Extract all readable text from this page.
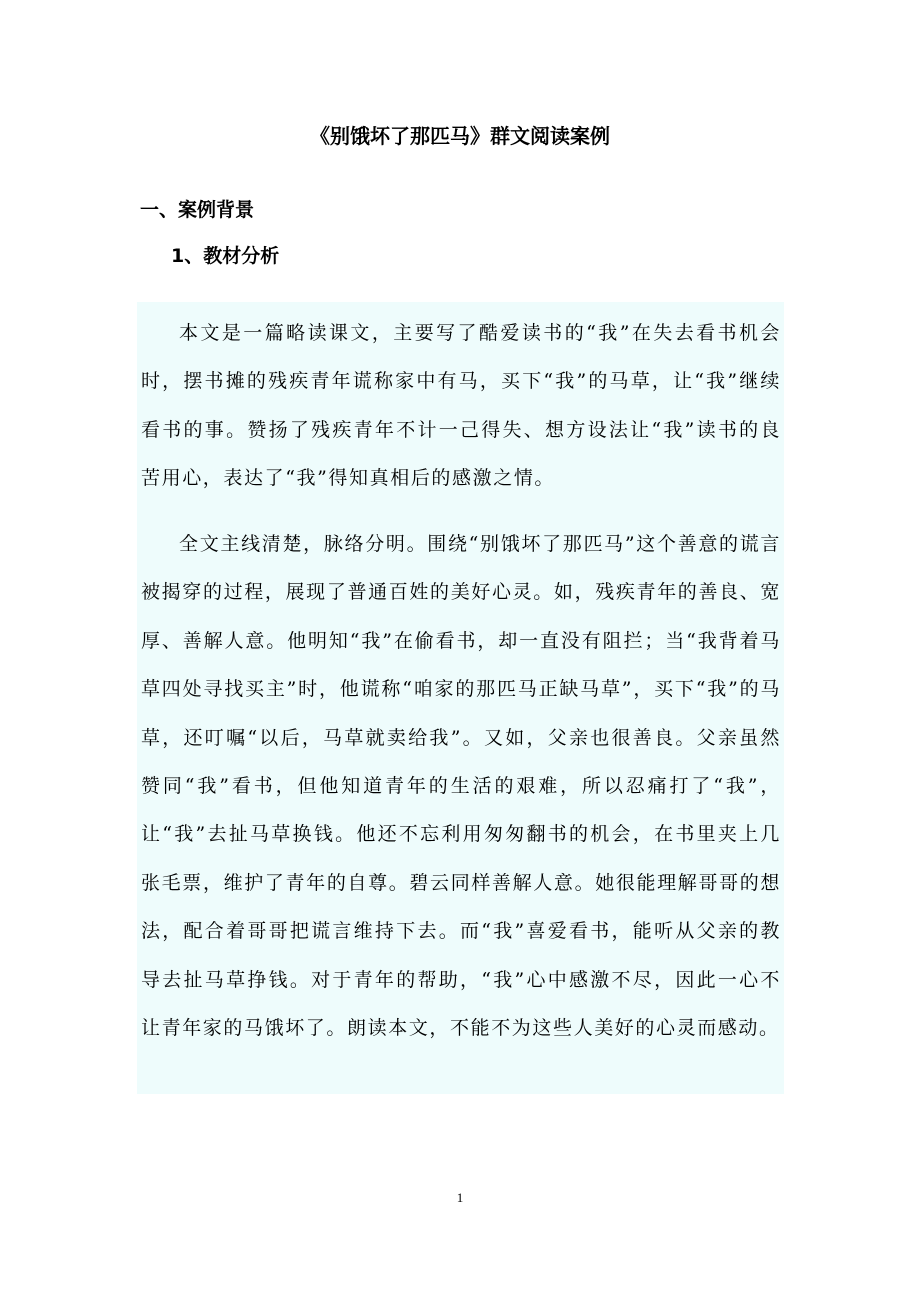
《别饿坏了那匹马》群文阅读案例
一、案例背景
1、教材分析

本文是一篇略读课文，主要写了酷爱读书的“我”在失去看书机会时，摆书摊的残疾青年谎称家中有马，买下“我”的马草，让“我”继续看书的事。赞扬了残疾青年不计一己得失、想方设法让“我”读书的良苦用心，表达了“我”得知真相后的感激之情。

全文主线清楚，脉络分明。围绕“别饿坏了那匹马”这个善意的谎言被揭穿的过程，展现了普通百姓的美好心灵。如，残疾青年的善良、宽厚、善解人意。他明知“我”在偷看书，却一直没有阻拦；当“我背着马草四处寻找买主”时，他谎称“咱家的那匹马正缺马草”，买下“我”的马草，还叮嘱“以后，马草就卖给我”。又如，父亲也很善良。父亲虽然赞同“我”看书，但他知道青年的生活的艰难，所以忍痛打了“我”，让“我”去扯马草换钱。他还不忘利用匆匆翻书的机会，在书里夹上几张毛票，维护了青年的自尊。碧云同样善解人意。她很能理解哥哥的想法，配合着哥哥把谎言维持下去。而“我”喜爱看书，能听从父亲的教导去扯马草挣钱。对于青年的帮助，“我”心中感激不尽，因此一心不让青年家的马饿坏了。朗读本文，不能不为这些人美好的心灵而感动。

1
